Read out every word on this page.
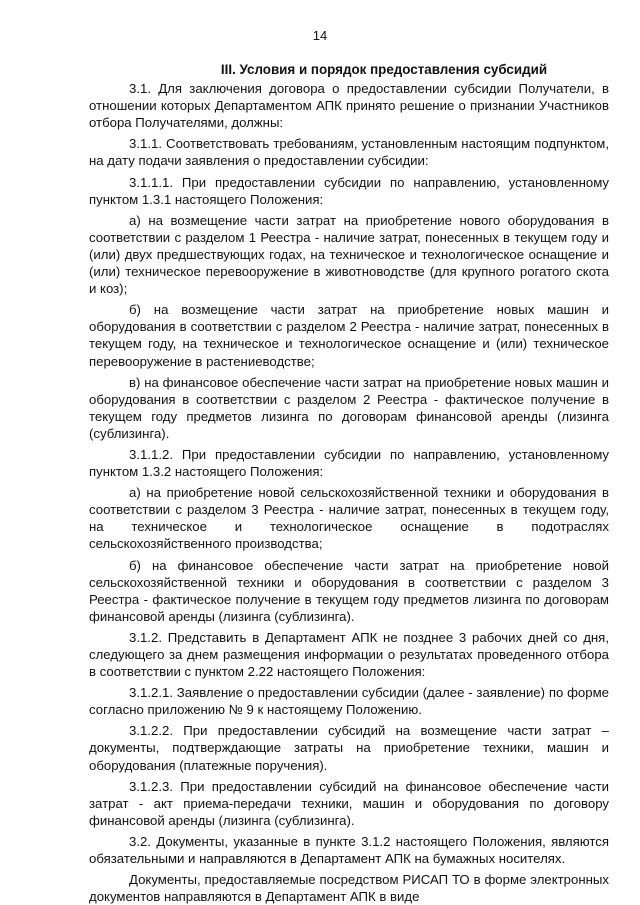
14

III. Условия и порядок предоставления субсидий

3.1. Для заключения договора о предоставлении субсидии Получатели, в отношении которых Департаментом АПК принято решение о признании Участников отбора Получателями, должны:

3.1.1. Соответствовать требованиям, установленным настоящим подпунктом, на дату подачи заявления о предоставлении субсидии:

3.1.1.1. При предоставлении субсидии по направлению, установленному пунктом 1.3.1 настоящего Положения:

а) на возмещение части затрат на приобретение нового оборудования в соответствии с разделом 1 Реестра - наличие затрат, понесенных в текущем году и (или) двух предшествующих годах, на техническое и технологическое оснащение и (или) техническое перевооружение в животноводстве (для крупного рогатого скота и коз);

б) на возмещение части затрат на приобретение новых машин и оборудования в соответствии с разделом 2 Реестра - наличие затрат, понесенных в текущем году, на техническое и технологическое оснащение и (или) техническое перевооружение в растениеводстве;

в) на финансовое обеспечение части затрат на приобретение новых машин и оборудования в соответствии с разделом 2 Реестра - фактическое получение в текущем году предметов лизинга по договорам финансовой аренды (лизинга (сублизинга).

3.1.1.2. При предоставлении субсидии по направлению, установленному пунктом 1.3.2 настоящего Положения:

а) на приобретение новой сельскохозяйственной техники и оборудования в соответствии с разделом 3 Реестра - наличие затрат, понесенных в текущем году, на техническое и технологическое оснащение в подотраслях сельскохозяйственного производства;

б) на финансовое обеспечение части затрат на приобретение новой сельскохозяйственной техники и оборудования в соответствии с разделом 3 Реестра - фактическое получение в текущем году предметов лизинга по договорам финансовой аренды (лизинга (сублизинга).

3.1.2. Представить в Департамент АПК не позднее 3 рабочих дней со дня, следующего за днем размещения информации о результатах проведенного отбора в соответствии с пунктом 2.22 настоящего Положения:

3.1.2.1. Заявление о предоставлении субсидии (далее - заявление) по форме согласно приложению № 9 к настоящему Положению.

3.1.2.2. При предоставлении субсидий на возмещение части затрат – документы, подтверждающие затраты на приобретение техники, машин и оборудования (платежные поручения).

3.1.2.3. При предоставлении субсидий на финансовое обеспечение части затрат - акт приема-передачи техники, машин и оборудования по договору финансовой аренды (лизинга (сублизинга).

3.2. Документы, указанные в пункте 3.1.2 настоящего Положения, являются обязательными и направляются в Департамент АПК на бумажных носителях.

Документы, предоставляемые посредством РИСАП ТО в форме электронных документов направляются в Департамент АПК в виде
